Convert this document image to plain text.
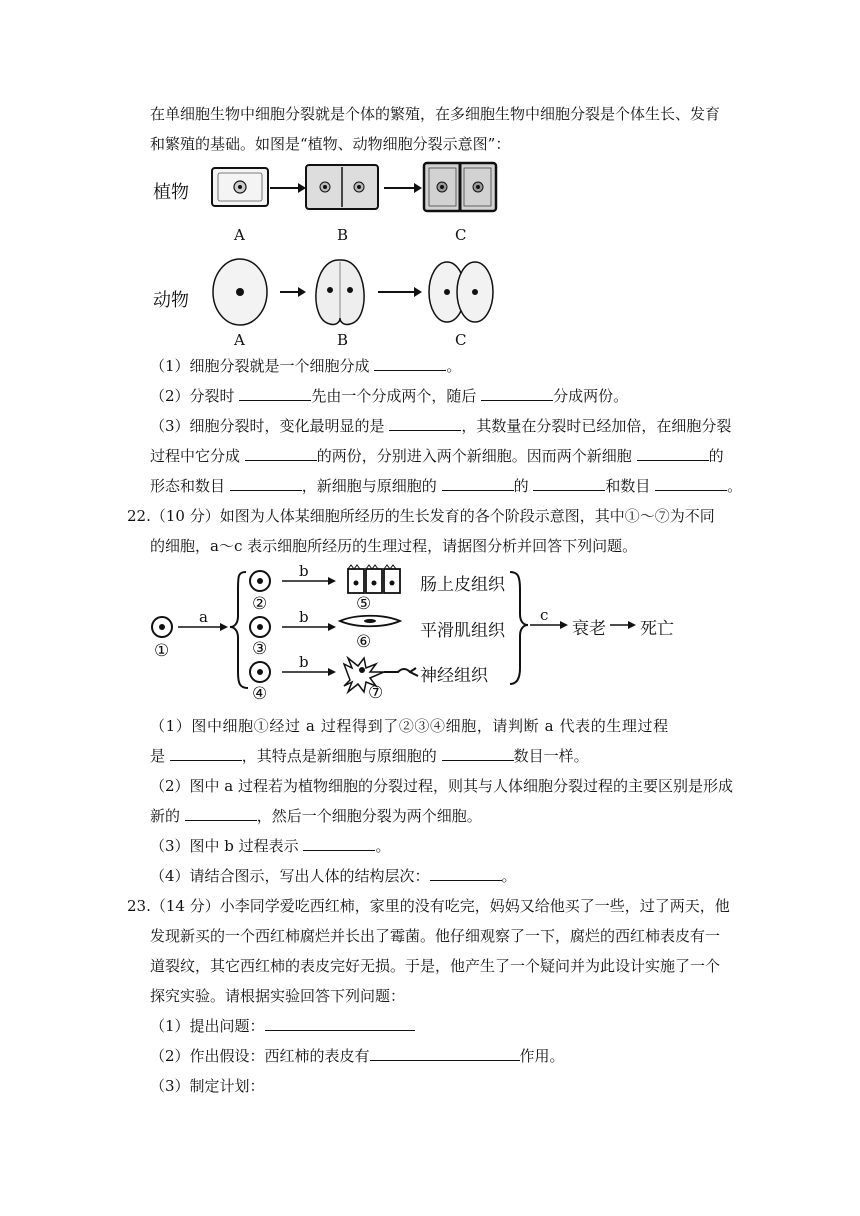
在单细胞生物中细胞分裂就是个体的繁殖，在多细胞生物中细胞分裂是个体生长、发育
和繁殖的基础。如图是“植物、动物细胞分裂示意图”：
植物
动物
A	B	C
A	B	C
（1）细胞分裂就是一个细胞分成	。
（2）分裂时	先由一个分成两个，随后	分成两份。
（3）细胞分裂时，变化最明显的是	，其数量在分裂时已经加倍，在细胞分裂
过程中它分成	的两份，分别进入两个新细胞。因而两个新细胞	的
形态和数目	，新细胞与原细胞的	的	和数目	。
22.（10 分）如图为人体某细胞所经历的生长发育的各个阶段示意图，其中①～⑦为不同
的细胞，a～c 表示细胞所经历的生理过程，请据图分析并回答下列问题。
a
b
b
b
c
①
②
③
④
⑤
⑥
⑦
肠上皮组织
平滑肌组织
神经组织
衰老 死亡
（1）图中细胞①经过 a 过程得到了②③④细胞，请判断 a 代表的生理过程
是	，其特点是新细胞与原细胞的	数目一样。
（2）图中 a 过程若为植物细胞的分裂过程，则其与人体细胞分裂过程的主要区别是形成
新的	，然后一个细胞分裂为两个细胞。
（3）图中 b 过程表示	。
（4）请结合图示，写出人体的结构层次：	。
23.（14 分）小李同学爱吃西红柿，家里的没有吃完，妈妈又给他买了一些，过了两天，他
发现新买的一个西红柿腐烂并长出了霉菌。他仔细观察了一下，腐烂的西红柿表皮有一
道裂纹，其它西红柿的表皮完好无损。于是，他产生了一个疑问并为此设计实施了一个
探究实验。请根据实验回答下列问题：
（1）提出问题：
（2）作出假设：西红柿的表皮有	作用。
（3）制定计划：
